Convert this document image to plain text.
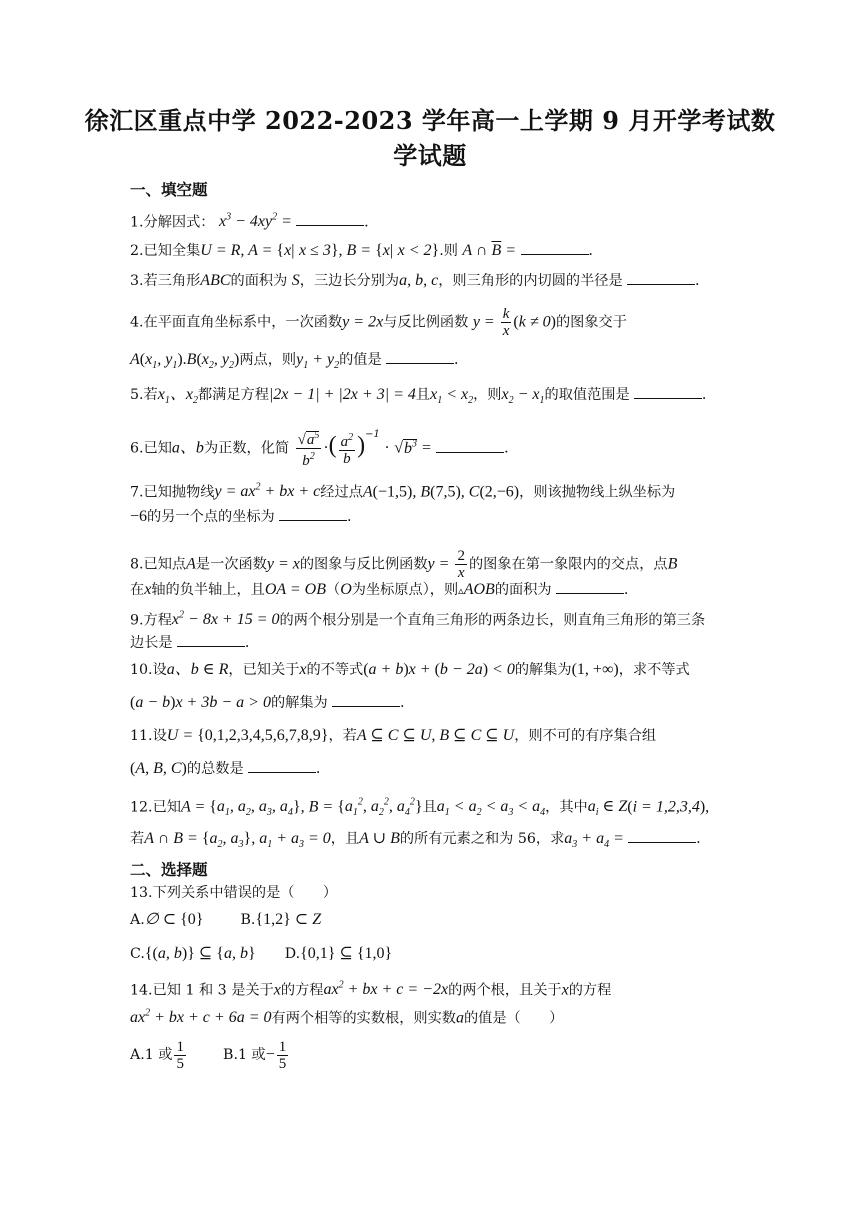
徐汇区重点中学 2022-2023 学年高一上学期 9 月开学考试数
学试题
一、填空题
1.分解因式： $x^3 - 4xy^2$ =	.
2.已知全集U = R, A = {x| x ≤ 3}, B = {x| x < 2}.则 A ∩ $\overline{B}$ =	.
3.若三角形ABC的面积为 S，三边长分别为a, b, c，则三角形的内切圆的半径是	.
4.在平面直角坐标系中，一次函数y = 2x与反比例函数 $y = \frac{k}{x} (k \ne 0)$的图象交于
$A(x_1$, $y_1).B(x_2$, $y_2$)两点，则$y_1 + y_2$的值是	.
5.若$x_1$、$x_2$都满足方程|2x − 1| + |2x + 3| = 4且$x_1 < x_2$，则$x_2 - x_1$的取值范围是	.
6.已知a、b为正数，化简 $\frac{√a^5}{b^2}$ ·( $\frac{a^2}{b} )^{-1} \cdot √b^3$ =	.
7.已知抛物线$y = ax^2$ + bx + c经过点A(−1,5), B(7,5), C(2,−6)，则该抛物线上纵坐标为
−6的另一个点的坐标为	.
8.已知点A是一次函数y = x的图象与反比例函数$y = \frac{2}{x}$ 的图象在第一象限内的交点，点B
在x轴的负半轴上，且OA = OB（O为坐标原点），则▵AOB的面积为	.
9.方程$x^2 - 8x + 15 = 0$的两个根分别是一个直角三角形的两条边长，则直角三角形的第三条
边长是	.
10.设a、b ∈ R，已知关于x的不等式(a + b)x + (b − 2a) < 0的解集为(1, +∞)，求不等式
(a − b)x + 3b − a > 0的解集为	.
11.设U = {0,1,2,3,4,5,6,7,8,9}，若A ⊆ C ⊆ U, B ⊆ C ⊆ U，则不可的有序集合组
(A, B, C)的总数是	.
12.已知$A = \{a_1$, $a_2$, $a_3$, $a_4$}, $B = \{a_1^2$, $a_2^2$, $a_4^2$}且$a_1 < a_2 < a_3 < a_4$，其中$a_i$ ∈ Z(i = 1,2,3,4),
若A ∩ $B = \{a_2$, $a_3$}, $a_1 + a_3 = 0$，且A ∪ B的所有元素之和为 56，求$a_3 + a_4$ =	.
二、选择题
13.下列关系中错误的是（　　）
A.∅ ⊂ {0}	B.{1,2} ⊂ Z
C.{(a, b)} ⊆ {a, b} D.{0,1} ⊆ {1,0}
14.已知 1 和 3 是关于x的方程$ax^2$ + bx + c = −2x的两个根，且关于x的方程
$ax^2$ + bx + c + 6a = 0有两个相等的实数根，则实数a的值是（　　）
A.1 或 $\frac{1}{5}$	B.1 或− $\frac{1}{5}$
